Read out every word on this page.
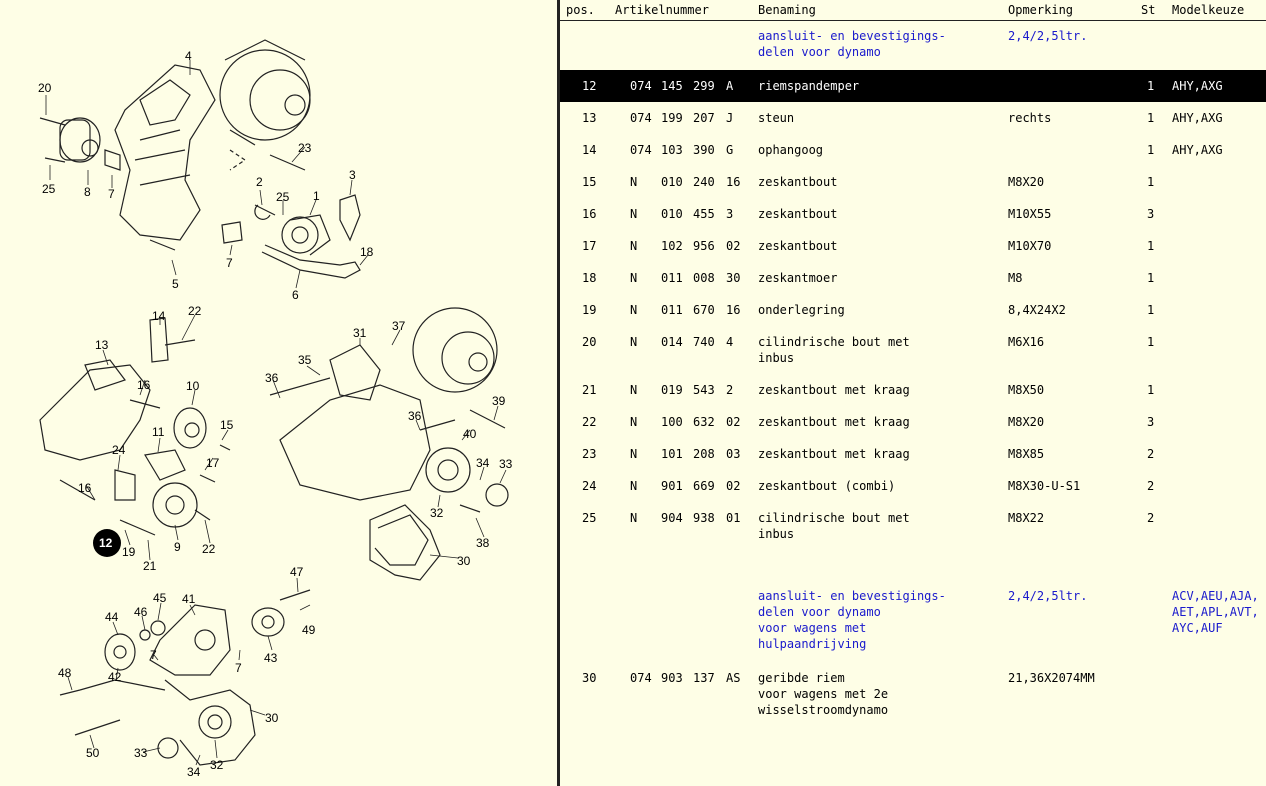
20
4
25 8 7
23
2
25 1
3
18
7
5
6
14 22
13
16	10
15
11
24
17
16
12
19
21
9 22
31 37
35
36
39
36
40
34 33
32
38
30
47
45 41
46
44
49
7
48	42
7
43
30
50	33
34 32
pos. Artikelnummer	Benaming	Opmerking	St Modelkeuze
aansluit- en bevestigings-
delen voor dynamo
2,4/2,5ltr.
12	074 145 299 A riemspandemper	1 AHY,AXG
13	074 199 207 J steun	rechts	1 AHY,AXG
14	074 103 390 G ophangoog	1 AHY,AXG
15	N 010 240 16 zeskantbout	M8X20	1
16	N 010 455 3 zeskantbout	M10X55	3
17	N 102 956 02 zeskantbout	M10X70	1
18	N 011 008 30 zeskantmoer	M8	1
19	N 011 670 16 onderlegring	8,4X24X2	1
20	N 014 740 4 cilindrische bout met
inbus
M6X16	1
21	N 019 543 2 zeskantbout met kraag	M8X50	1
22	N 100 632 02 zeskantbout met kraag	M8X20	3
23	N 101 208 03 zeskantbout met kraag	M8X85	2
24	N 901 669 02 zeskantbout (combi)	M8X30-U-S1	2
25	N 904 938 01 cilindrische bout met
inbus
M8X22	2
aansluit- en bevestigings-
delen voor dynamo
voor wagens met
hulpaandrijving
2,4/2,5ltr.	ACV,AEU,AJA,
AET,APL,AVT,
AYC,AUF
30	074 903 137 AS geribde riem
voor wagens met 2e
wisselstroomdynamo
21,36X2074MM
